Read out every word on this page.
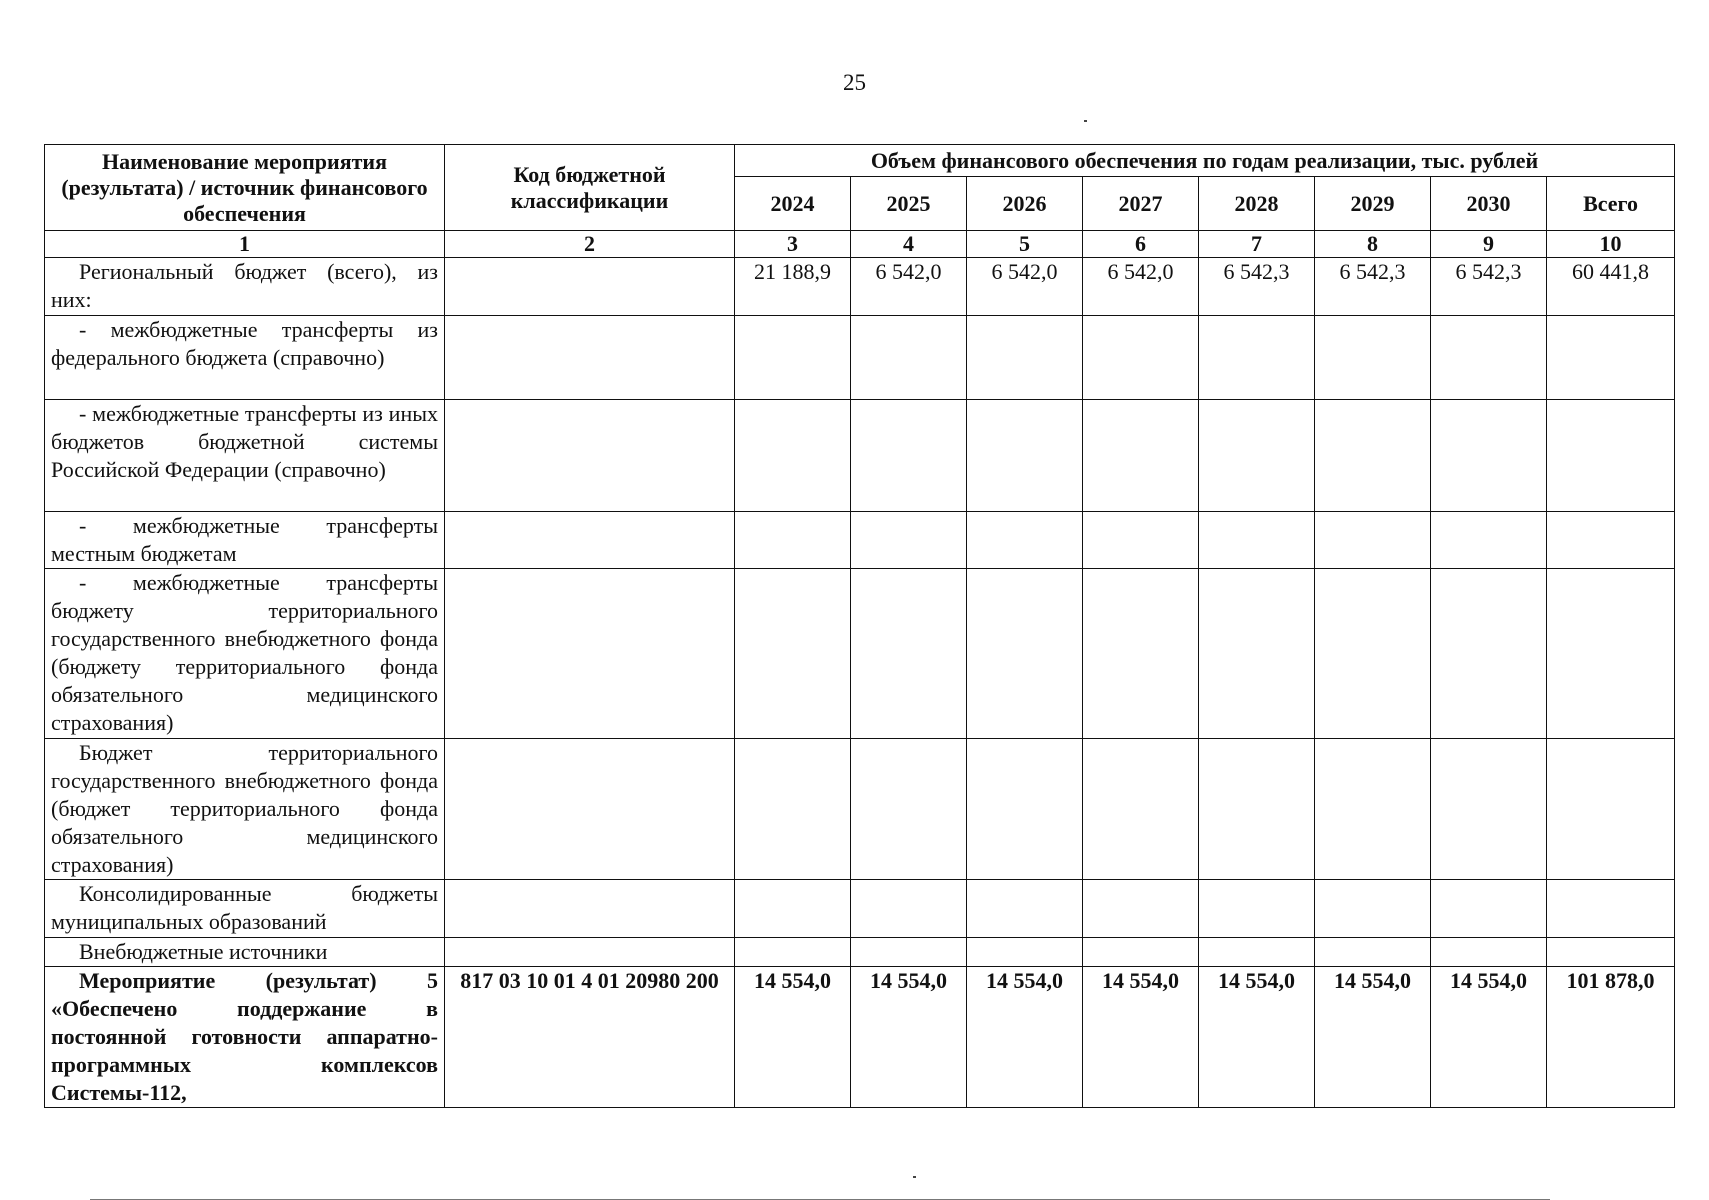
25
Наименование мероприятия (результата) / источник финансового обеспечения	Код бюджетной классификации	Объем финансового обеспечения по годам реализации, тыс. рублей							
		2024	2025	2026	2027	2028	2029	2030	Всего
1	2	3	4	5	6	7	8	9	10
Региональный бюджет (всего), из них:		21 188,9	6 542,0	6 542,0	6 542,0	6 542,3	6 542,3	6 542,3	60 441,8
- межбюджетные трансферты из федерального бюджета (справочно)									
- межбюджетные трансферты из иных бюджетов бюджетной системы Российской Федерации (справочно)									
- межбюджетные трансферты местным бюджетам									
- межбюджетные трансферты бюджету территориального государственного внебюджетного фонда (бюджету территориального фонда обязательного медицинского страхования)									
Бюджет территориального государственного внебюджетного фонда (бюджет территориального фонда обязательного медицинского страхования)									
Консолидированные бюджеты муниципальных образований									
Внебюджетные источники									
Мероприятие (результат) 5 «Обеспечено поддержание в постоянной готовности аппаратно-программных комплексов Системы-112,	817 03 10 01 4 01 20980 200	14 554,0	14 554,0	14 554,0	14 554,0	14 554,0	14 554,0	14 554,0	101 878,0
